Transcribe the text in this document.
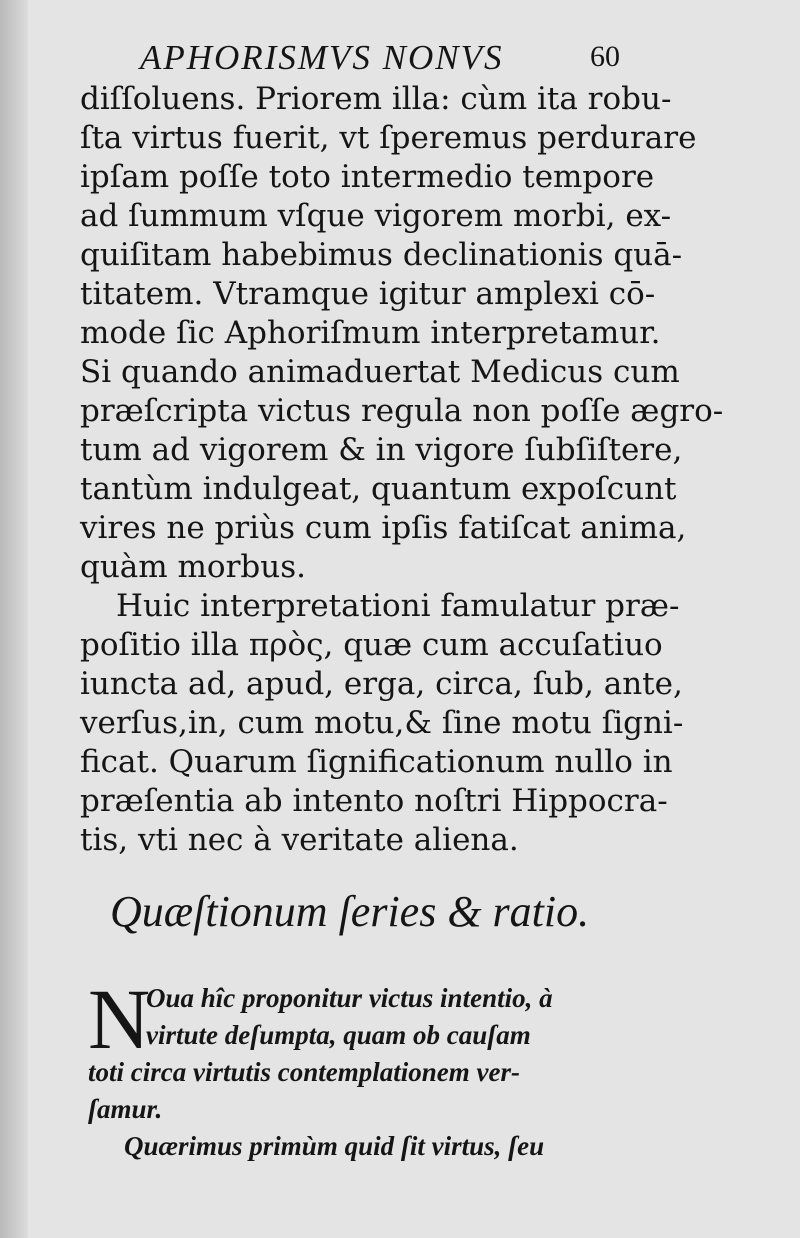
APHORISMVS NONVS	60
diſſoluens. Priorem illa: cùm ita robu-
ſta virtus fuerit, vt ſperemus perdurare
ipſam poſſe toto intermedio tempore
ad ſummum vſque vigorem morbi, ex-
quiſitam habebimus declinationis quā-
titatem. Vtramque igitur amplexi cō-
mode ſic Aphoriſmum interpretamur.
Si quando animaduertat Medicus cum
præſcripta victus regula non poſſe ægro-
tum ad vigorem & in vigore ſubſiſtere,
tantùm indulgeat, quantum expoſcunt
vires ne priùs cum ipſis fatiſcat anima,
quàm morbus.
Huic interpretationi famulatur præ-
poſitio illa πρὸς, quæ cum accuſatiuo
iuncta ad, apud, erga, circa, ſub, ante,
verſus,in, cum motu,& ſine motu ſigni-
ficat. Quarum ſignificationum nullo in
præſentia ab intento noſtri Hippocra-
tis, vti nec à veritate aliena.
Quæſtionum ſeries & ratio.
N
Oua hîc proponitur victus intentio, à
virtute deſumpta, quam ob cauſam
toti circa virtutis contemplationem ver-
ſamur.
Quærimus primùm quid ſit virtus, ſeu
